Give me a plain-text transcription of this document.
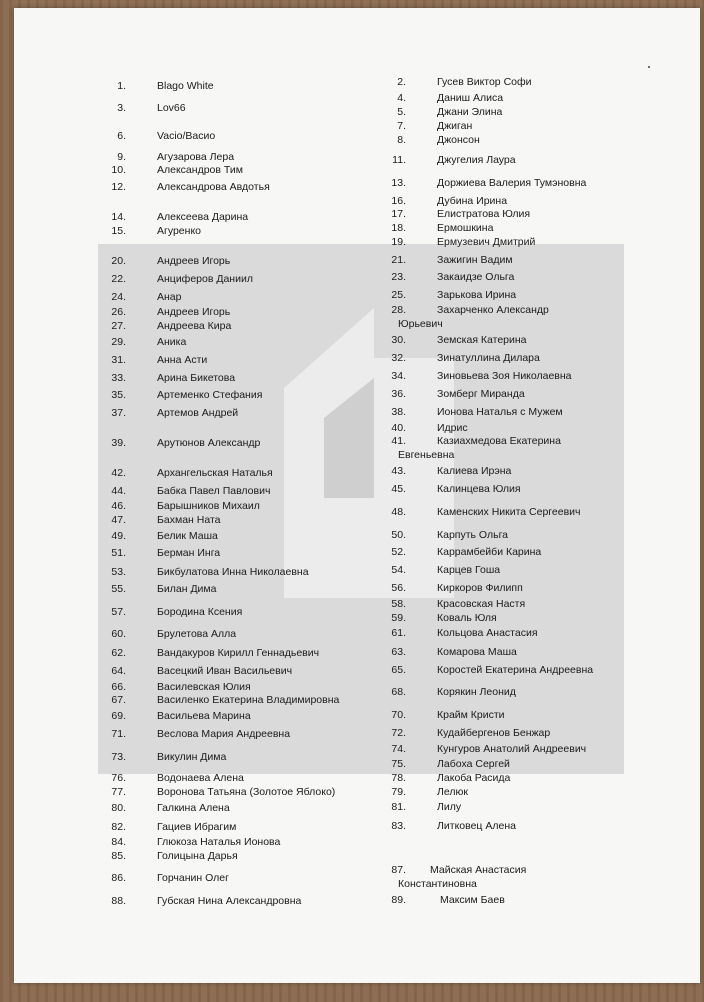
1.	Blago White
3.	Lov66
6.	Vacio/Васио
9.	Агузарова Лера
10.	Александров Тим
12.	Александрова Авдотья
14.	Алексеева Дарина
15.	Агуренко
20.	Андреев Игорь
22.	Анциферов Даниил
24.	Анар
26.	Андреев Игорь
27.	Андреева Кира
29.	Аника
31.	Анна Асти
33.	Арина Бикетова
35.	Артеменко Стефания
37.	Артемов Андрей
39.	Арутюнов Александр
42.	Архангельская Наталья
44.	Бабка Павел Павлович
46.	Барышников Михаил
47.	Бахман Ната
49.	Белик Маша
51.	Берман Инга
53.	Бикбулатова Инна Николаевна
55.	Билан Дима
57.	Бородина Ксения
60.	Брулетова Алла
62.	Вандакуров Кирилл Геннадьевич
64.	Васецкий Иван Васильевич
66.	Василевская Юлия
67.	Василенко Екатерина Владимировна
69.	Васильева Марина
71.	Веслова Мария Андреевна
73.	Викулин Дима
76.	Водонаева Алена
77.	Воронова Татьяна (Золотое Яблоко)
80.	Галкина Алена
82.	Гациев Ибрагим
84.	Глюкоза Наталья Ионова
85.	Голицына Дарья
86.	Горчанин Олег
88.	Губская Нина Александровна
2.	Гусев Виктор Софи
4.	Даниш Алиса
5.	Джани Элина
7.	Джиган
8.	Джонсон
11.	Джугелия Лаура
13.	Доржиева Валерия Тумэновна
16.	Дубина Ирина
17.	Елистратова Юлия
18.	Ермошкина
19.	Ермузевич Дмитрий
21.	Зажигин Вадим
23.	Закаидзе Ольга
25.	Зарькова Ирина
28.	Захарченко Александр
Юрьевич
30.	Земская Катерина
32.	Зинатуллина Дилара
34.	Зиновьева Зоя Николаевна
36.	Зомберг Миранда
38.	Ионова Наталья с Мужем
40.	Идрис
41.	Казиахмедова Екатерина
Евгеньевна
43.	Калиева Ирэна
45.	Калинцева Юлия
48.	Каменских Никита Сергеевич
50.	Карпуть Ольга
52.	Каррамбейби Карина
54.	Карцев Гоша
56.	Киркоров Филипп
58.	Красовская Настя
59.	Коваль Юля
61.	Кольцова Анастасия
63.	Комарова Маша
65.	Коростей Екатерина Андреевна
68.	Корякин Леонид
70.	Крайм Кристи
72.	Кудайбергенов Бенжар
74.	Кунгуров Анатолий Андреевич
75.	Лабоха Сергей
78.	Лакоба Расида
79.	Лелюк
81.	Лилу
83.	Литковец Алена
87. Майская Анастасия
Константиновна
89.	Максим Баев
